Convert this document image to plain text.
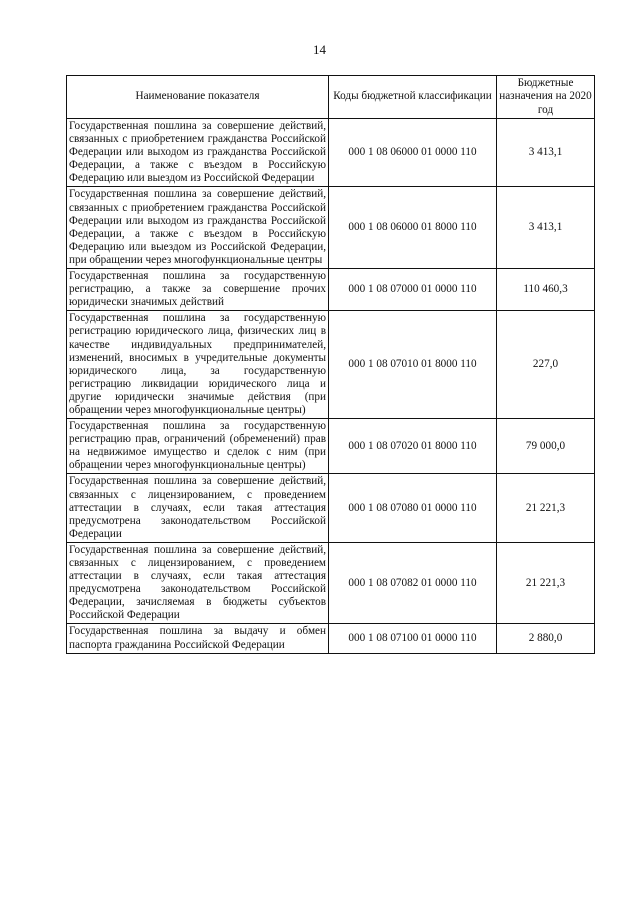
14
Наименование показателя	Коды бюджетной классификации	Бюджетные назначения на 2020 год
Государственная пошлина за совершение действий, связанных с приобретением гражданства Российской Федерации или выходом из гражданства Российской Федерации, а также с въездом в Российскую Федерацию или выездом из Российской Федерации	000 1 08 06000 01 0000 110	3 413,1
Государственная пошлина за совершение действий, связанных с приобретением гражданства Российской Федерации или выходом из гражданства Российской Федерации, а также с въездом в Российскую Федерацию или выездом из Российской Федерации, при обращении через многофункциональные центры	000 1 08 06000 01 8000 110	3 413,1
Государственная пошлина за государственную регистрацию, а также за совершение прочих юридически значимых действий	000 1 08 07000 01 0000 110	110 460,3
Государственная пошлина за государственную регистрацию юридического лица, физических лиц в качестве индивидуальных предпринимателей, изменений, вносимых в учредительные документы юридического лица, за государственную регистрацию ликвидации юридического лица и другие юридически значимые действия (при обращении через многофункциональные центры)	000 1 08 07010 01 8000 110	227,0
Государственная пошлина за государственную регистрацию прав, ограничений (обременений) прав на недвижимое имущество и сделок с ним (при обращении через многофункциональные центры)	000 1 08 07020 01 8000 110	79 000,0
Государственная пошлина за совершение действий, связанных с лицензированием, с проведением аттестации в случаях, если такая аттестация предусмотрена законодательством Российской Федерации	000 1 08 07080 01 0000 110	21 221,3
Государственная пошлина за совершение действий, связанных с лицензированием, с проведением аттестации в случаях, если такая аттестация предусмотрена законодательством Российской Федерации, зачисляемая в бюджеты субъектов Российской Федерации	000 1 08 07082 01 0000 110	21 221,3
Государственная пошлина за выдачу и обмен паспорта гражданина Российской Федерации	000 1 08 07100 01 0000 110	2 880,0
